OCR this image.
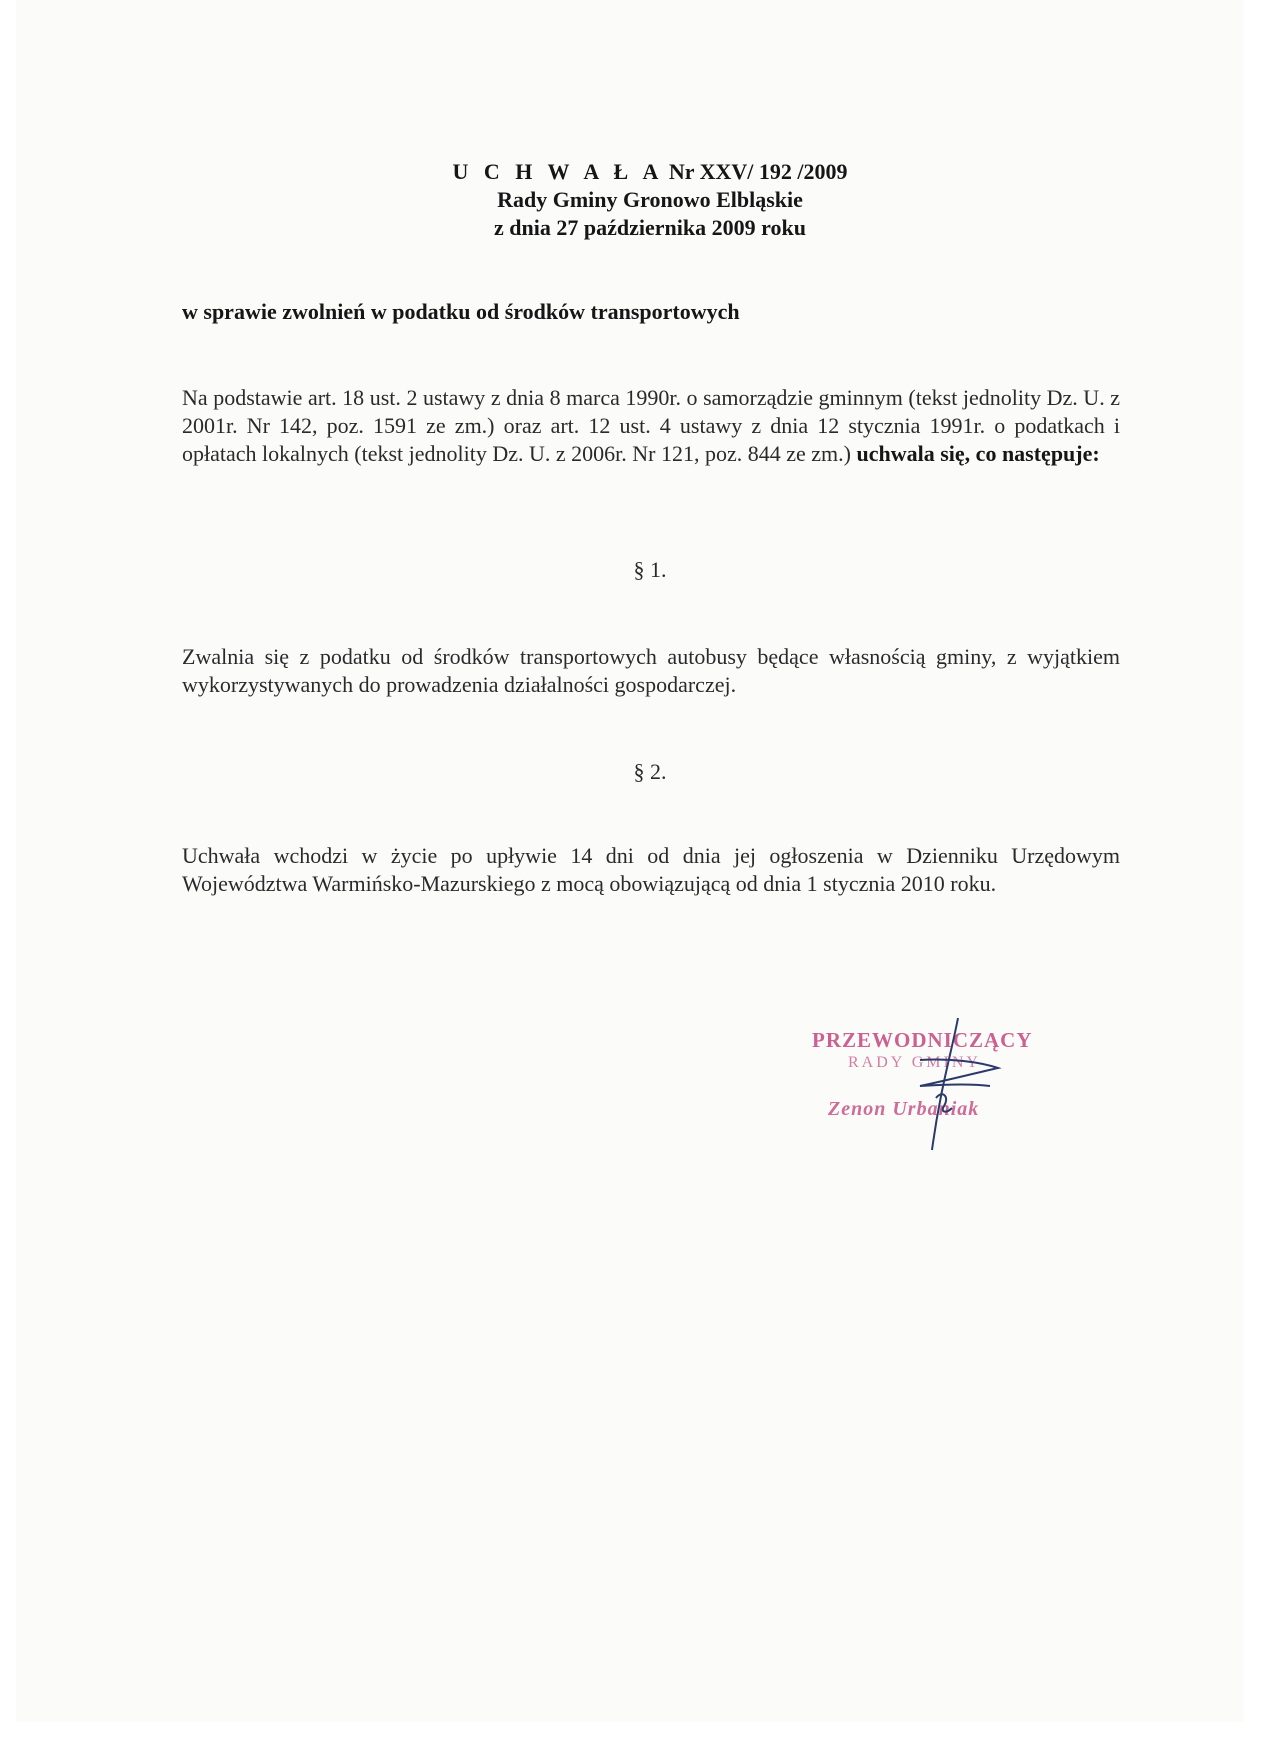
U C H W A Ł A Nr XXV/ 192 /2009
Rady Gminy Gronowo Elbląskie
z dnia 27 października 2009 roku
w sprawie zwolnień w podatku od środków transportowych
Na podstawie art. 18 ust. 2 ustawy z dnia 8 marca 1990r. o samorządzie gminnym (tekst jednolity Dz. U. z 2001r. Nr 142, poz. 1591 ze zm.) oraz art. 12 ust. 4 ustawy z dnia 12 stycznia 1991r. o podatkach i opłatach lokalnych (tekst jednolity Dz. U. z 2006r. Nr 121, poz. 844 ze zm.) uchwala się, co następuje:
§ 1.
Zwalnia się z podatku od środków transportowych autobusy będące własnością gminy, z wyjątkiem wykorzystywanych do prowadzenia działalności gospodarczej.
§ 2.
Uchwała wchodzi w życie po upływie 14 dni od dnia jej ogłoszenia w Dzienniku Urzędowym Województwa Warmińsko-Mazurskiego z mocą obowiązującą od dnia 1 stycznia 2010 roku.
PRZEWODNICZĄCY
RADY GMINY
Zenon Urbaniak
